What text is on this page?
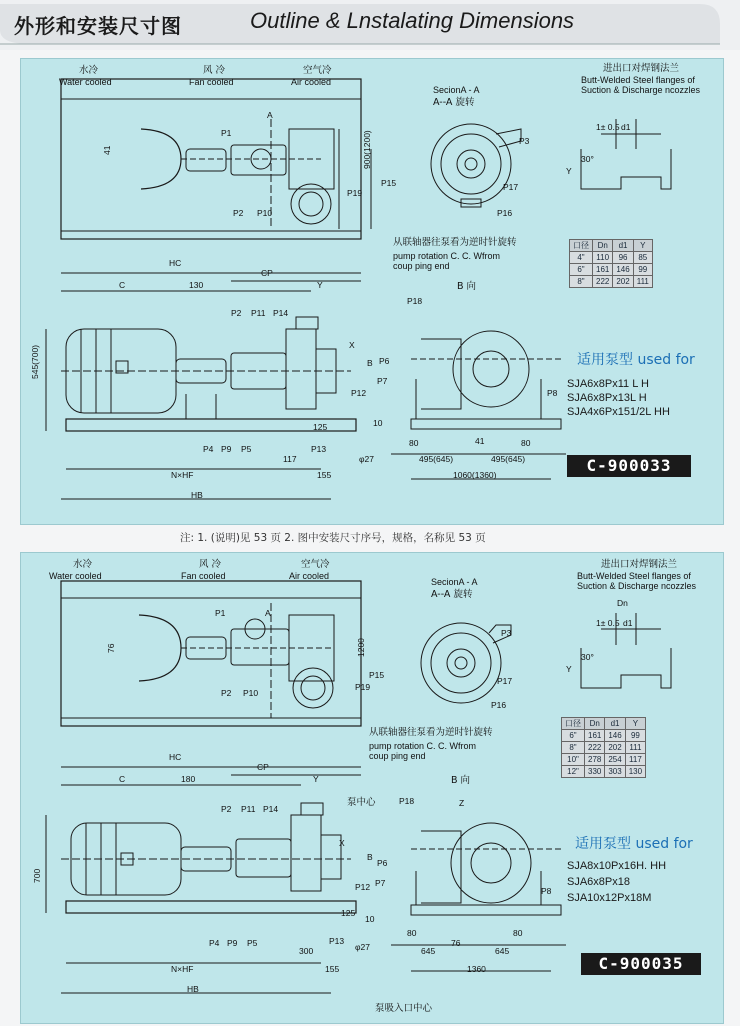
外形和安装尺寸图	Outline & Lnstalating Dimensions
水冷
Water cooled
风 冷
Fan cooled
空气冷
Air cooled
SecionA - A
A--A 旋转
进出口对焊钢法兰
Butt-Welded Steel flanges of
Suction & Discharge ncozzles
1± 0.5 d1
30°
Y
从联轴器往泵看为逆时针旋转
pump rotation C. C. Wfrom
coup ping end
B 向
口径	Dn	d1	Y
4"	110	96	85
6"	161	146	99
8"	222	202	111
适用泵型 used for
SJA6x8Px11 L H
SJA6x8Px13L H
SJA4x6Px151/2L HH
C-900033
HC
C
CP
Y
130
X
545(700)
N×HF
HB
117
155
125	10
80	80
41
495(645)	495(645)
1060(1360)
900(1200)
41
φ27
B
A
P1
P2 P10
P19
P3
P15	P17
P16
P2 P11 P14
P12
P13
P4 P9 P5
P18
P6
P7
P8
注: 1. (说明)见 53 页 2. 图中安装尺寸序号，规格，名称见 53 页
水冷
Water cooled
风 冷
Fan cooled
空气冷
Air cooled
SecionA - A
A--A 旋转
进出口对焊钢法兰
Butt-Welded Steel flanges of
Suction & Discharge ncozzles
Dn
1± 0.5 d1
30°
Y
从联轴器往泵看为逆时针旋转
pump rotation C. C. Wfrom
coup ping end
B 向
口径	Dn	d1	Y
6"	161	146	99
8"	222	202	111
10"	278	254	117
12"	330	303	130
适用泵型 used for
SJA8x10Px16H. HH
SJA6x8Px18
SJA10x12Px18M
C-900035
HC
C
CP
Y
180
X
700
N×HF
HB
300
155
125
10
80	80
76
645	645
1360
1200
76
φ27
Z
B
A
泵中心
泵吸入口中心
P1
P2 P10
P19
P3
P15
P17
P16
P2 P11 P14
P12
P13
P4 P9 P5
P18
P6
P7
P8
